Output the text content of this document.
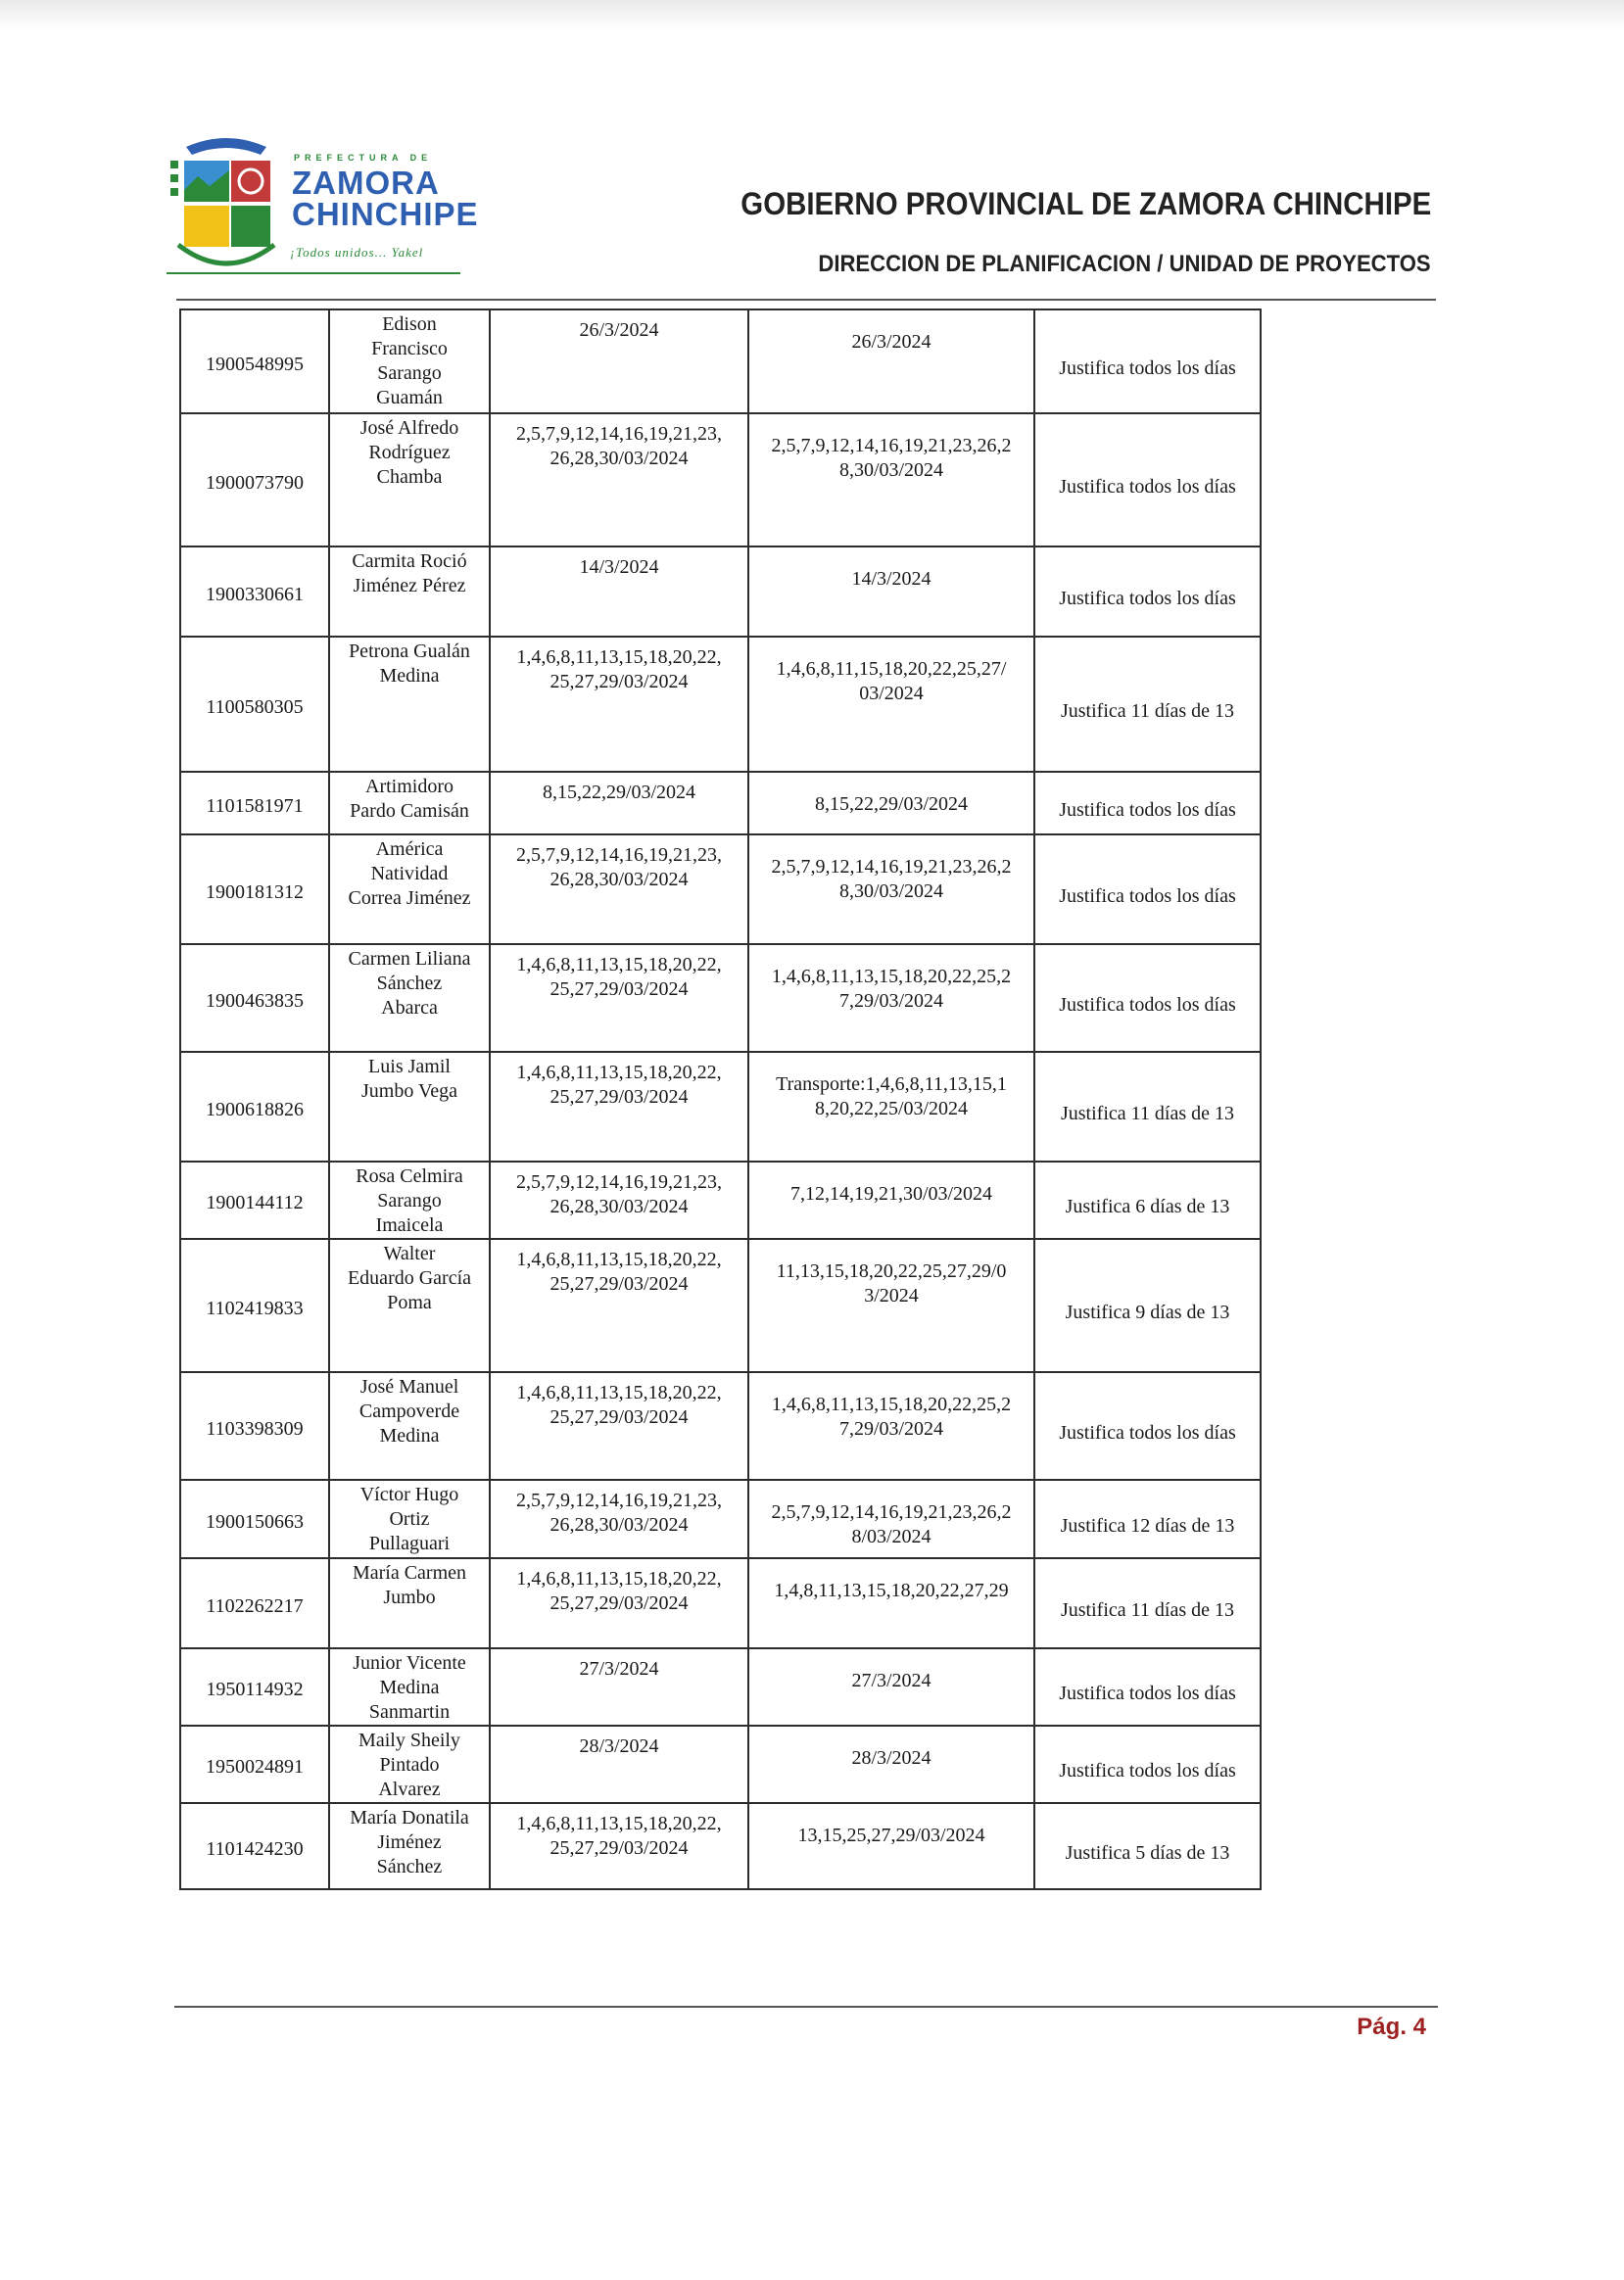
PREFECTURA DE
ZAMORA
CHINCHIPE
¡Todos unidos... Yakel
GOBIERNO PROVINCIAL DE ZAMORA CHINCHIPE
DIRECCION DE PLANIFICACION / UNIDAD DE PROYECTOS
1900548995	Edison
Francisco
Sarango
Guamán	26/3/2024	26/3/2024	Justifica todos los días
1900073790	José Alfredo
Rodríguez
Chamba	2,5,7,9,12,14,16,19,21,23,
26,28,30/03/2024	2,5,7,9,12,14,16,19,21,23,26,2
8,30/03/2024	Justifica todos los días
1900330661	Carmita Roció
Jiménez Pérez	14/3/2024	14/3/2024	Justifica todos los días
1100580305	Petrona Gualán
Medina	1,4,6,8,11,13,15,18,20,22,
25,27,29/03/2024	1,4,6,8,11,15,18,20,22,25,27/
03/2024	Justifica 11 días de 13
1101581971	Artimidoro
Pardo Camisán	8,15,22,29/03/2024	8,15,22,29/03/2024	Justifica todos los días
1900181312	América
Natividad
Correa Jiménez	2,5,7,9,12,14,16,19,21,23,
26,28,30/03/2024	2,5,7,9,12,14,16,19,21,23,26,2
8,30/03/2024	Justifica todos los días
1900463835	Carmen Liliana
Sánchez
Abarca	1,4,6,8,11,13,15,18,20,22,
25,27,29/03/2024	1,4,6,8,11,13,15,18,20,22,25,2
7,29/03/2024	Justifica todos los días
1900618826	Luis Jamil
Jumbo Vega	1,4,6,8,11,13,15,18,20,22,
25,27,29/03/2024	Transporte:1,4,6,8,11,13,15,1
8,20,22,25/03/2024	Justifica 11 días de 13
1900144112	Rosa Celmira
Sarango
Imaicela	2,5,7,9,12,14,16,19,21,23,
26,28,30/03/2024	7,12,14,19,21,30/03/2024	Justifica 6 días de 13
1102419833	Walter
Eduardo García
Poma	1,4,6,8,11,13,15,18,20,22,
25,27,29/03/2024	11,13,15,18,20,22,25,27,29/0
3/2024	Justifica 9 días de 13
1103398309	José Manuel
Campoverde
Medina	1,4,6,8,11,13,15,18,20,22,
25,27,29/03/2024	1,4,6,8,11,13,15,18,20,22,25,2
7,29/03/2024	Justifica todos los días
1900150663	Víctor Hugo
Ortiz
Pullaguari	2,5,7,9,12,14,16,19,21,23,
26,28,30/03/2024	2,5,7,9,12,14,16,19,21,23,26,2
8/03/2024	Justifica 12 días de 13
1102262217	María Carmen
Jumbo	1,4,6,8,11,13,15,18,20,22,
25,27,29/03/2024	1,4,8,11,13,15,18,20,22,27,29	Justifica 11 días de 13
1950114932	Junior Vicente
Medina
Sanmartin	27/3/2024	27/3/2024	Justifica todos los días
1950024891	Maily Sheily
Pintado
Alvarez	28/3/2024	28/3/2024	Justifica todos los días
1101424230	María Donatila
Jiménez
Sánchez	1,4,6,8,11,13,15,18,20,22,
25,27,29/03/2024	13,15,25,27,29/03/2024	Justifica 5 días de 13

Pág. 4
